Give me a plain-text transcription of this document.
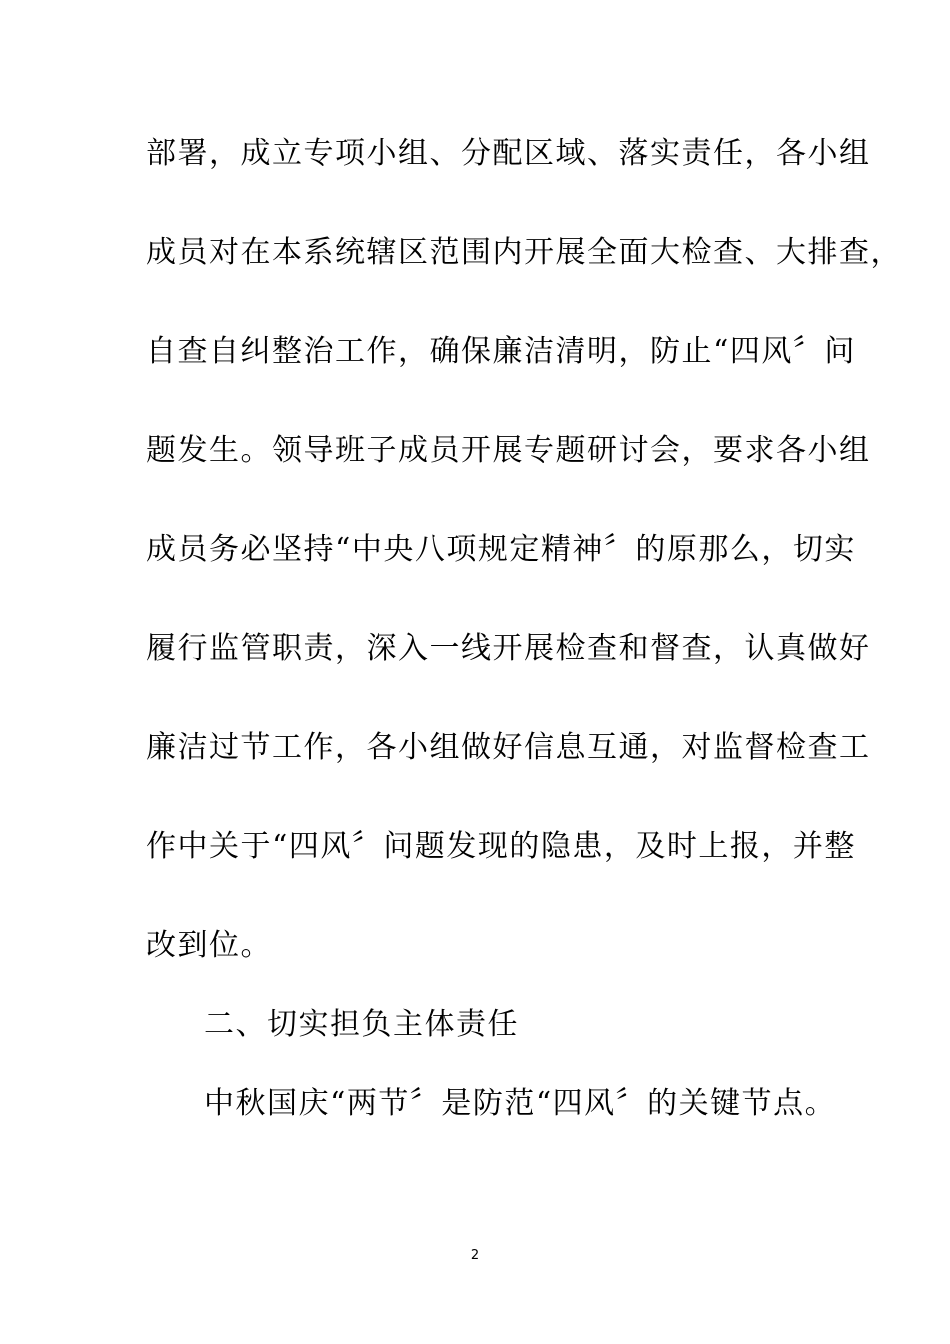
部署，成立专项小组、分配区域、落实责任，各小组
成员对在本系统辖区范围内开展全面大检查、大排查，
自查自纠整治工作，确保廉洁清明，防止“四风〞问
题发生。领导班子成员开展专题研讨会，要求各小组
成员务必坚持“中央八项规定精神〞的原那么，切实
履行监管职责，深入一线开展检查和督查，认真做好
廉洁过节工作，各小组做好信息互通，对监督检查工
作中关于“四风〞问题发现的隐患，及时上报，并整
改到位。
二、切实担负主体责任
中秋国庆“两节〞是防范“四风〞的关键节点。
2
